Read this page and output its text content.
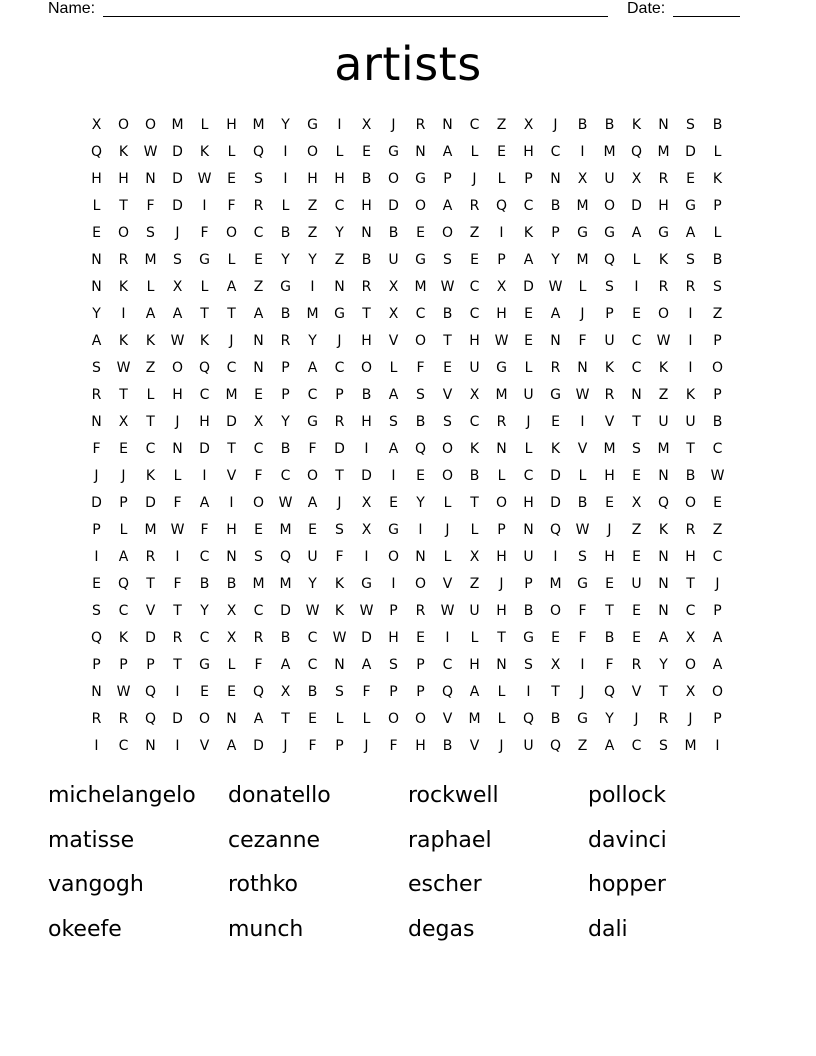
Name:	Date:
artists
X	O	O	M	L	H	M	Y	G	I	X	J	R	N	C	Z	X	J	B	B	K	N	S	B
Q	K	W	D	K	L	Q	I	O	L	E	G	N	A	L	E	H	C	I	M	Q	M	D	L
H	H	N	D	W	E	S	I	H	H	B	O	G	P	J	L	P	N	X	U	X	R	E	K
L	T	F	D	I	F	R	L	Z	C	H	D	O	A	R	Q	C	B	M	O	D	H	G	P
E	O	S	J	F	O	C	B	Z	Y	N	B	E	O	Z	I	K	P	G	G	A	G	A	L
N	R	M	S	G	L	E	Y	Y	Z	B	U	G	S	E	P	A	Y	M	Q	L	K	S	B
N	K	L	X	L	A	Z	G	I	N	R	X	M	W	C	X	D	W	L	S	I	R	R	S
Y	I	A	A	T	T	A	B	M	G	T	X	C	B	C	H	E	A	J	P	E	O	I	Z
A	K	K	W	K	J	N	R	Y	J	H	V	O	T	H	W	E	N	F	U	C	W	I	P
S	W	Z	O	Q	C	N	P	A	C	O	L	F	E	U	G	L	R	N	K	C	K	I	O
R	T	L	H	C	M	E	P	C	P	B	A	S	V	X	M	U	G	W	R	N	Z	K	P
N	X	T	J	H	D	X	Y	G	R	H	S	B	S	C	R	J	E	I	V	T	U	U	B
F	E	C	N	D	T	C	B	F	D	I	A	Q	O	K	N	L	K	V	M	S	M	T	C
J	J	K	L	I	V	F	C	O	T	D	I	E	O	B	L	C	D	L	H	E	N	B	W
D	P	D	F	A	I	O	W	A	J	X	E	Y	L	T	O	H	D	B	E	X	Q	O	E
P	L	M	W	F	H	E	M	E	S	X	G	I	J	L	P	N	Q	W	J	Z	K	R	Z
I	A	R	I	C	N	S	Q	U	F	I	O	N	L	X	H	U	I	S	H	E	N	H	C
E	Q	T	F	B	B	M	M	Y	K	G	I	O	V	Z	J	P	M	G	E	U	N	T	J
S	C	V	T	Y	X	C	D	W	K	W	P	R	W	U	H	B	O	F	T	E	N	C	P
Q	K	D	R	C	X	R	B	C	W	D	H	E	I	L	T	G	E	F	B	E	A	X	A
P	P	P	T	G	L	F	A	C	N	A	S	P	C	H	N	S	X	I	F	R	Y	O	A
N	W	Q	I	E	E	Q	X	B	S	F	P	P	Q	A	L	I	T	J	Q	V	T	X	O
R	R	Q	D	O	N	A	T	E	L	L	O	O	V	M	L	Q	B	G	Y	J	R	J	P
I	C	N	I	V	A	D	J	F	P	J	F	H	B	V	J	U	Q	Z	A	C	S	M	I
michelangelo	donatello	rockwell	pollock
matisse	cezanne	raphael	davinci
vangogh	rothko	escher	hopper
okeefe	munch	degas	dali
